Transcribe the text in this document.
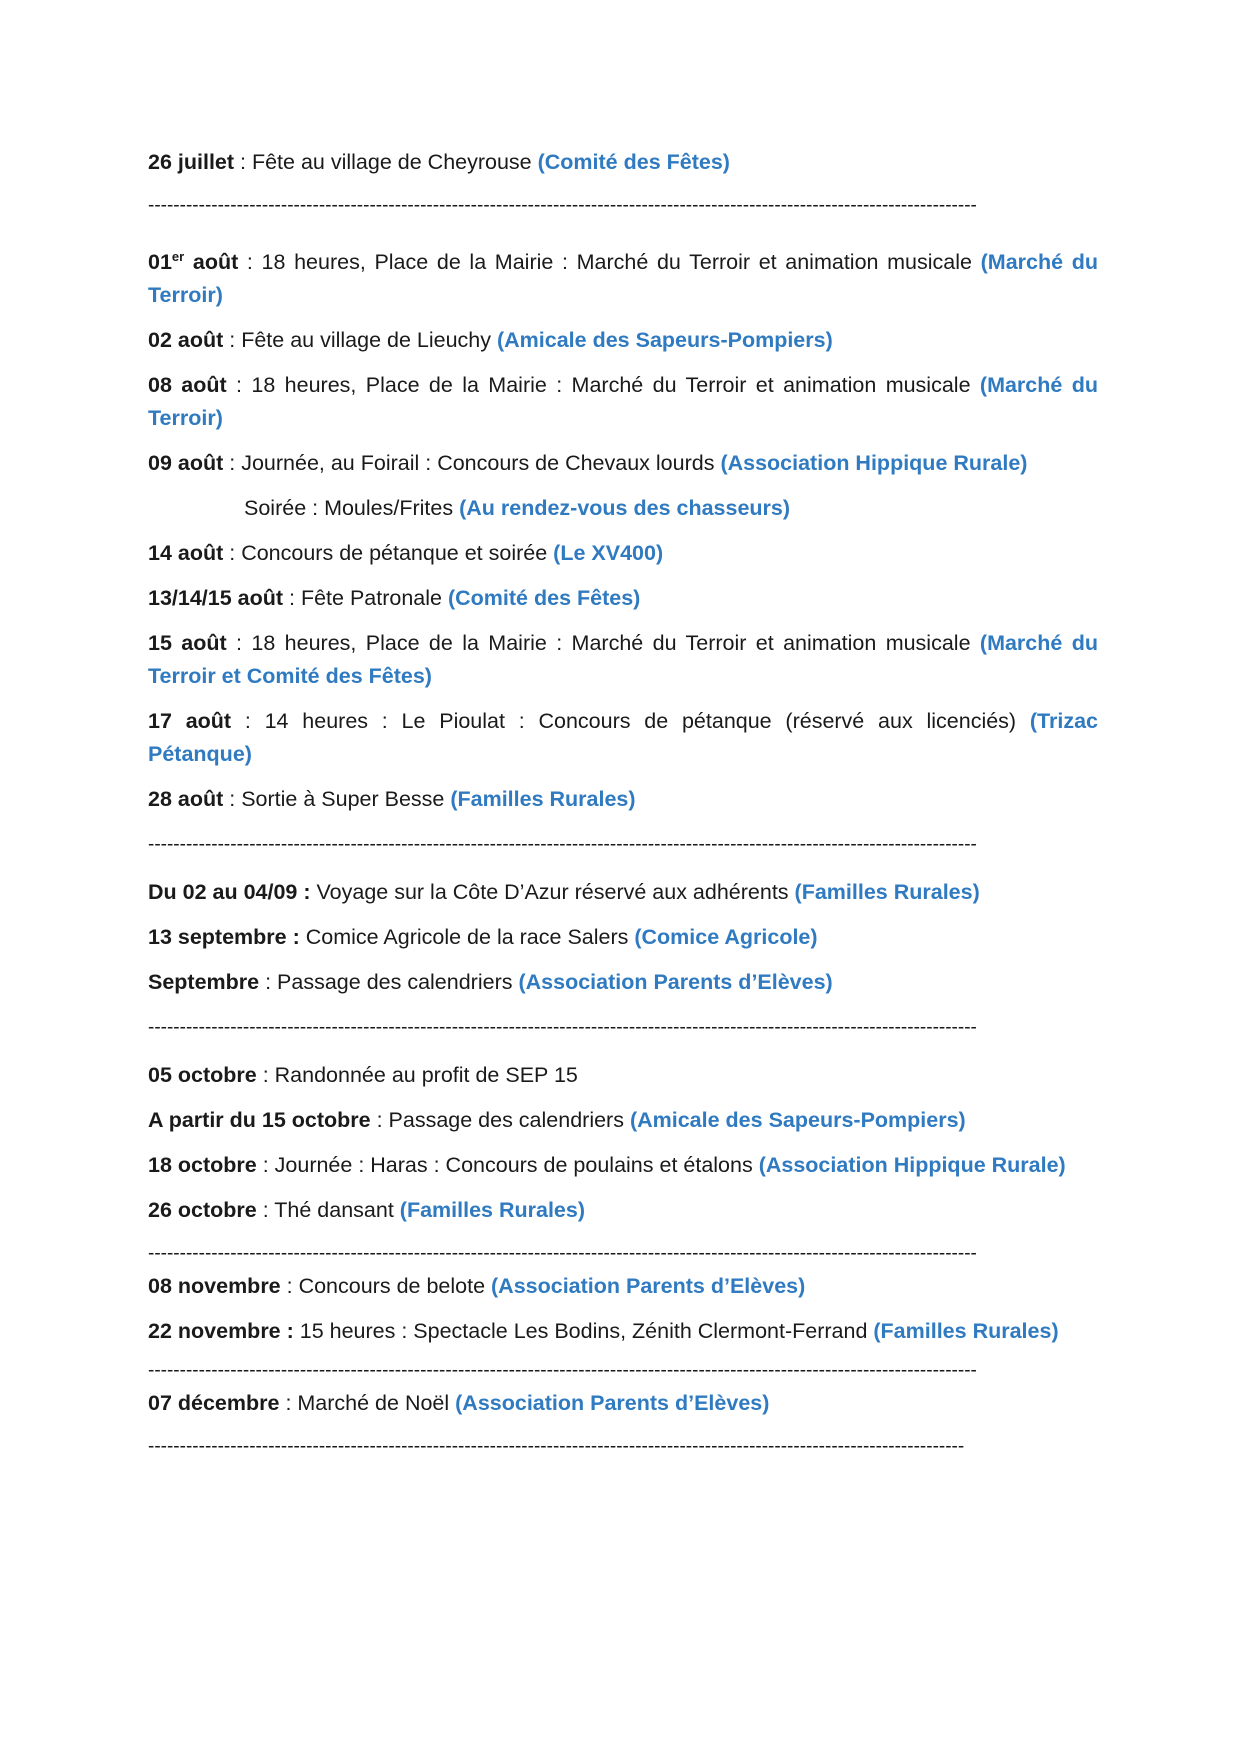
26 juillet : Fête au village de Cheyrouse (Comité des Fêtes)

-----------------------------------------------------------------------------------------------------------------------------------

01er août : 18 heures, Place de la Mairie : Marché du Terroir et animation musicale (Marché du Terroir)

02 août : Fête au village de Lieuchy (Amicale des Sapeurs-Pompiers)

08 août : 18 heures, Place de la Mairie : Marché du Terroir et animation musicale (Marché du Terroir)

09 août : Journée, au Foirail : Concours de Chevaux lourds (Association Hippique Rurale)

Soirée : Moules/Frites (Au rendez-vous des chasseurs)

14 août : Concours de pétanque et soirée (Le XV400)

13/14/15 août : Fête Patronale (Comité des Fêtes)

15 août : 18 heures, Place de la Mairie : Marché du Terroir et animation musicale (Marché du Terroir et Comité des Fêtes)

17 août : 14 heures : Le Pioulat : Concours de pétanque (réservé aux licenciés) (Trizac Pétanque)

28 août : Sortie à Super Besse (Familles Rurales)

-----------------------------------------------------------------------------------------------------------------------------------

Du 02 au 04/09 : Voyage sur la Côte D’Azur réservé aux adhérents (Familles Rurales)

13 septembre : Comice Agricole de la race Salers (Comice Agricole)

Septembre : Passage des calendriers (Association Parents d’Elèves)

-----------------------------------------------------------------------------------------------------------------------------------

05 octobre : Randonnée au profit de SEP 15

A partir du 15 octobre : Passage des calendriers (Amicale des Sapeurs-Pompiers)

18 octobre : Journée : Haras : Concours de poulains et étalons (Association Hippique Rurale)

26 octobre : Thé dansant (Familles Rurales)

-----------------------------------------------------------------------------------------------------------------------------------

08 novembre : Concours de belote (Association Parents d’Elèves)

22 novembre : 15 heures : Spectacle Les Bodins, Zénith Clermont-Ferrand (Familles Rurales)

-----------------------------------------------------------------------------------------------------------------------------------

07 décembre : Marché de Noël (Association Parents d’Elèves)

---------------------------------------------------------------------------------------------------------------------------------
